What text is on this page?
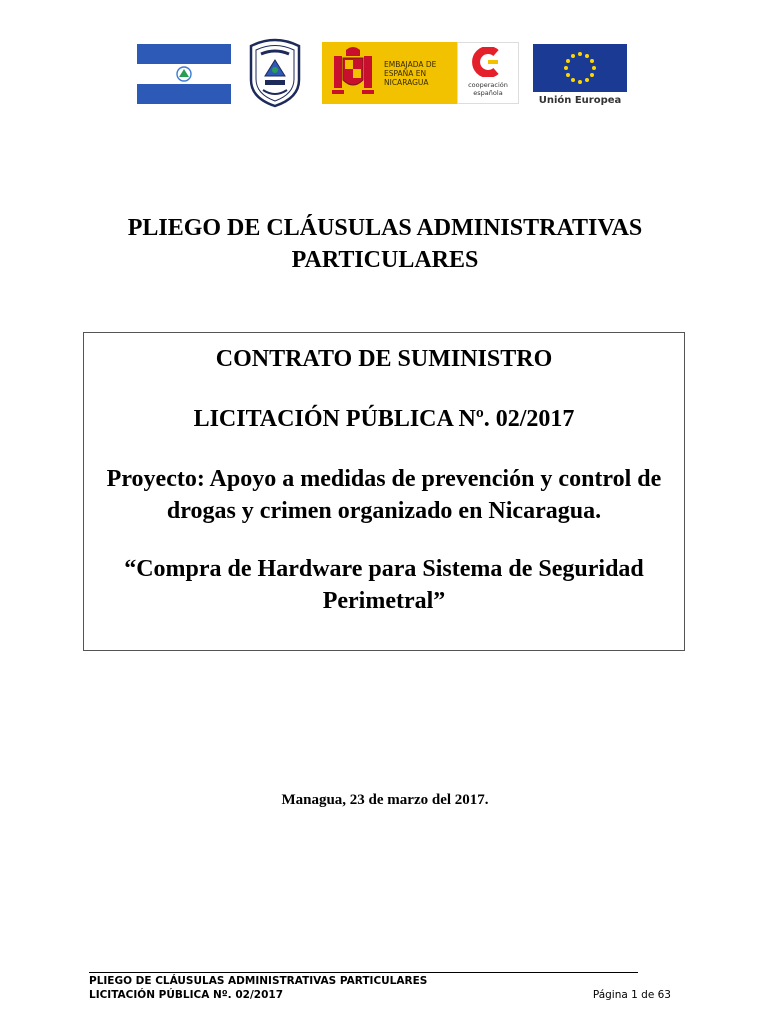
EMBAJADA DE ESPAÑA EN NICARAGUA	cooperación española
Unión Europea
PLIEGO DE CLÁUSULAS ADMINISTRATIVAS PARTICULARES

CONTRATO DE SUMINISTRO

LICITACIÓN PÚBLICA Nº. 02/2017

Proyecto: Apoyo a medidas de prevención y control de drogas y crimen organizado en Nicaragua.

“Compra de Hardware para Sistema de Seguridad Perimetral”

Managua, 23 de marzo del 2017.
PLIEGO DE CLÁUSULAS ADMINISTRATIVAS PARTICULARES
LICITACIÓN PÚBLICA Nº. 02/2017	Página 1 de 63
